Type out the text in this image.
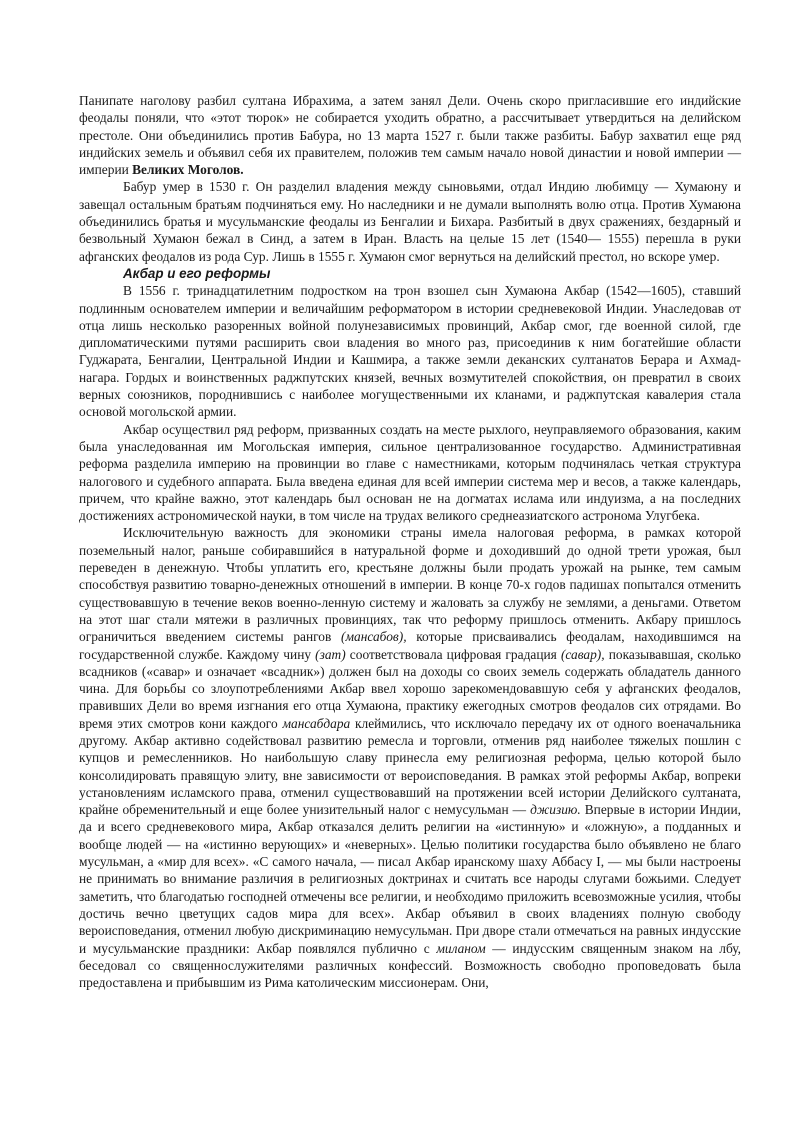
Панипате наголову разбил султана Ибрахима, а затем занял Дели. Очень скоро пригласившие его индийские феодалы поняли, что «этот тюрок» не собирается уходить обратно, а рассчитывает утвердиться на делийском престоле. Они объединились против Бабура, но 13 марта 1527 г. были также разбиты. Бабур захватил еще ряд индийских земель и объявил себя их правителем, положив тем самым начало новой династии и новой империи — империи Великих Моголов.

Бабур умер в 1530 г. Он разделил владения между сыновьями, отдал Индию любимцу — Хумаюну и завещал остальным братьям подчиняться ему. Но наследники и не думали выполнять волю отца. Против Хумаюна объединились братья и мусульманские феодалы из Бенгалии и Бихара. Разбитый в двух сражениях, бездарный и безвольный Хумаюн бежал в Синд, а затем в Иран. Власть на целые 15 лет (1540— 1555) перешла в руки афганских феодалов из рода Сур. Лишь в 1555 г. Хумаюн смог вернуться на делийский престол, но вскоре умер.

Акбар и его реформы

В 1556 г. тринадцатилетним подростком на трон взошел сын Хумаюна Акбар (1542—1605), ставший подлинным основателем империи и величайшим реформатором в истории средневековой Индии. Унаследовав от отца лишь несколько разоренных войной полунезависимых провинций, Акбар смог, где военной силой, где дипломатическими путями расширить свои владения во много раз, присоединив к ним богатейшие области Гуджарата, Бенгалии, Центральной Индии и Кашмира, а также земли деканских султанатов Берара и Ахмад-нагара. Гордых и воинственных раджпутских князей, вечных возмутителей спокойствия, он превратил в своих верных союзников, породнившись с наиболее могущественными их кланами, и раджпутская кавалерия стала основой могольской армии.

Акбар осуществил ряд реформ, призванных создать на месте рыхлого, неуправляемого образования, каким была унаследованная им Могольская империя, сильное централизованное государство. Административная реформа разделила империю на провинции во главе с наместниками, которым подчинялась четкая структура налогового и судебного аппарата. Была введена единая для всей империи система мер и весов, а также календарь, причем, что крайне важно, этот календарь был основан не на догматах ислама или индуизма, а на последних достижениях астрономической науки, в том числе на трудах великого среднеазиатского астронома Улугбека.

Исключительную важность для экономики страны имела налоговая реформа, в рамках которой поземельный налог, раньше собиравшийся в натуральной форме и доходивший до одной трети урожая, был переведен в денежную. Чтобы уплатить его, крестьяне должны были продать урожай на рынке, тем самым способствуя развитию товарно-денежных отношений в империи. В конце 70-х годов падишах попытался отменить существовавшую в течение веков военно-ленную систему и жаловать за службу не землями, а деньгами. Ответом на этот шаг стали мятежи в различных провинциях, так что реформу пришлось отменить. Акбару пришлось ограничиться введением системы рангов (мансабов), которые присваивались феодалам, находившимся на государственной службе. Каждому чину (зат) соответствовала цифровая градация (савар), показывавшая, сколько всадников («савар» и означает «всадник») должен был на доходы со своих земель содержать обладатель данного чина. Для борьбы со злоупотреблениями Акбар ввел хорошо зарекомендовавшую себя у афганских феодалов, правивших Дели во время изгнания его отца Хумаюна, практику ежегодных смотров феодалов сих отрядами. Во время этих смотров кони каждого мансабдара клеймились, что исключало передачу их от одного военачальника другому. Акбар активно содействовал развитию ремесла и торговли, отменив ряд наиболее тяжелых пошлин с купцов и ремесленников. Но наибольшую славу принесла ему религиозная реформа, целью которой было консолидировать правящую элиту, вне зависимости от вероисповедания. В рамках этой реформы Акбар, вопреки установлениям исламского права, отменил существовавший на протяжении всей истории Делийского султаната, крайне обременительный и еще более унизительный налог с немусульман — джизию. Впервые в истории Индии, да и всего средневекового мира, Акбар отказался делить религии на «истинную» и «ложную», а подданных и вообще людей — на «истинно верующих» и «неверных». Целью политики государства было объявлено не благо мусульман, а «мир для всех». «С самого начала, — писал Акбар иранскому шаху Аббасу I, — мы были настроены не принимать во внимание различия в религиозных доктринах и считать все народы слугами божьими. Следует заметить, что благодатью господней отмечены все религии, и необходимо приложить всевозможные усилия, чтобы достичь вечно цветущих садов мира для всех». Акбар объявил в своих владениях полную свободу вероисповедания, отменил любую дискриминацию немусульман. При дворе стали отмечаться на равных индусские и мусульманские праздники: Акбар появлялся публично с миланом — индусским священным знаком на лбу, беседовал со священнослужителями различных конфессий. Возможность свободно проповедовать была предоставлена и прибывшим из Рима католическим миссионерам. Они,
